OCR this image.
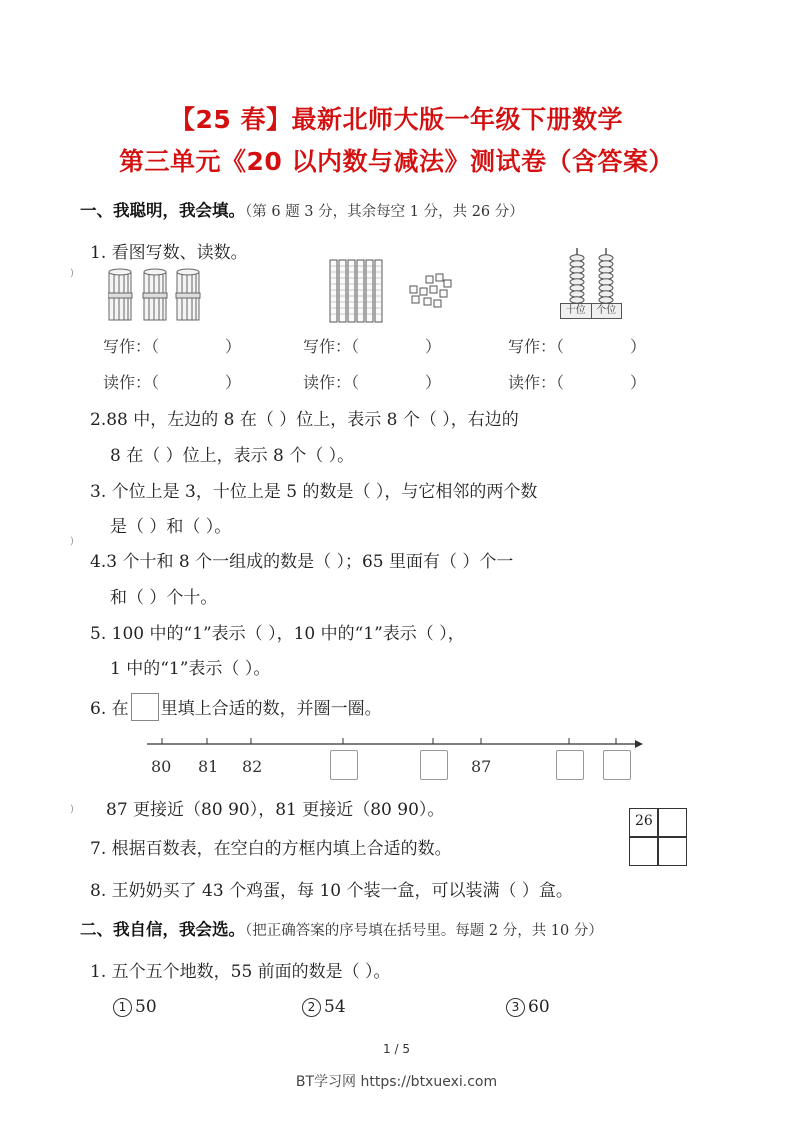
【25 春】最新北师大版一年级下册数学
第三单元《20 以内数与减法》测试卷（含答案）
一、我聪明，我会填。（第 6 题 3 分，其余每空 1 分，共 26 分）
1. 看图写数、读数。
)
十位	个位
写作：（	）	写作：（	）	写作：（	）
读作：（	）	读作：（	）	读作：（	）
2.88 中，左边的 8 在（ ）位上，表示 8 个（ ），右边的
8 在（ ）位上，表示 8 个（ ）。
3. 个位上是 3，十位上是 5 的数是（ ），与它相邻的两个数
是（ ）和（ ）。
)
4.3 个十和 8 个一组成的数是（ ）；65 里面有（ ）个一
和（ ）个十。
5. 100 中的“1”表示（ ），10 中的“1”表示（ ），
1 中的“1”表示（ ）。
6. 在 里填上合适的数，并圈一圈。
80 81 82	87
87 更接近（80 90），81 更接近（80 90）。
)
26
7. 根据百数表，在空白的方框内填上合适的数。
8. 王奶奶买了 43 个鸡蛋，每 10 个装一盒，可以装满（ ）盒。
二、我自信，我会选。（把正确答案的序号填在括号里。每题 2 分，共 10 分）
1. 五个五个地数，55 前面的数是（ ）。
1 50	2 54	3 60
1 / 5
BT学习网 https://btxuexi.com
